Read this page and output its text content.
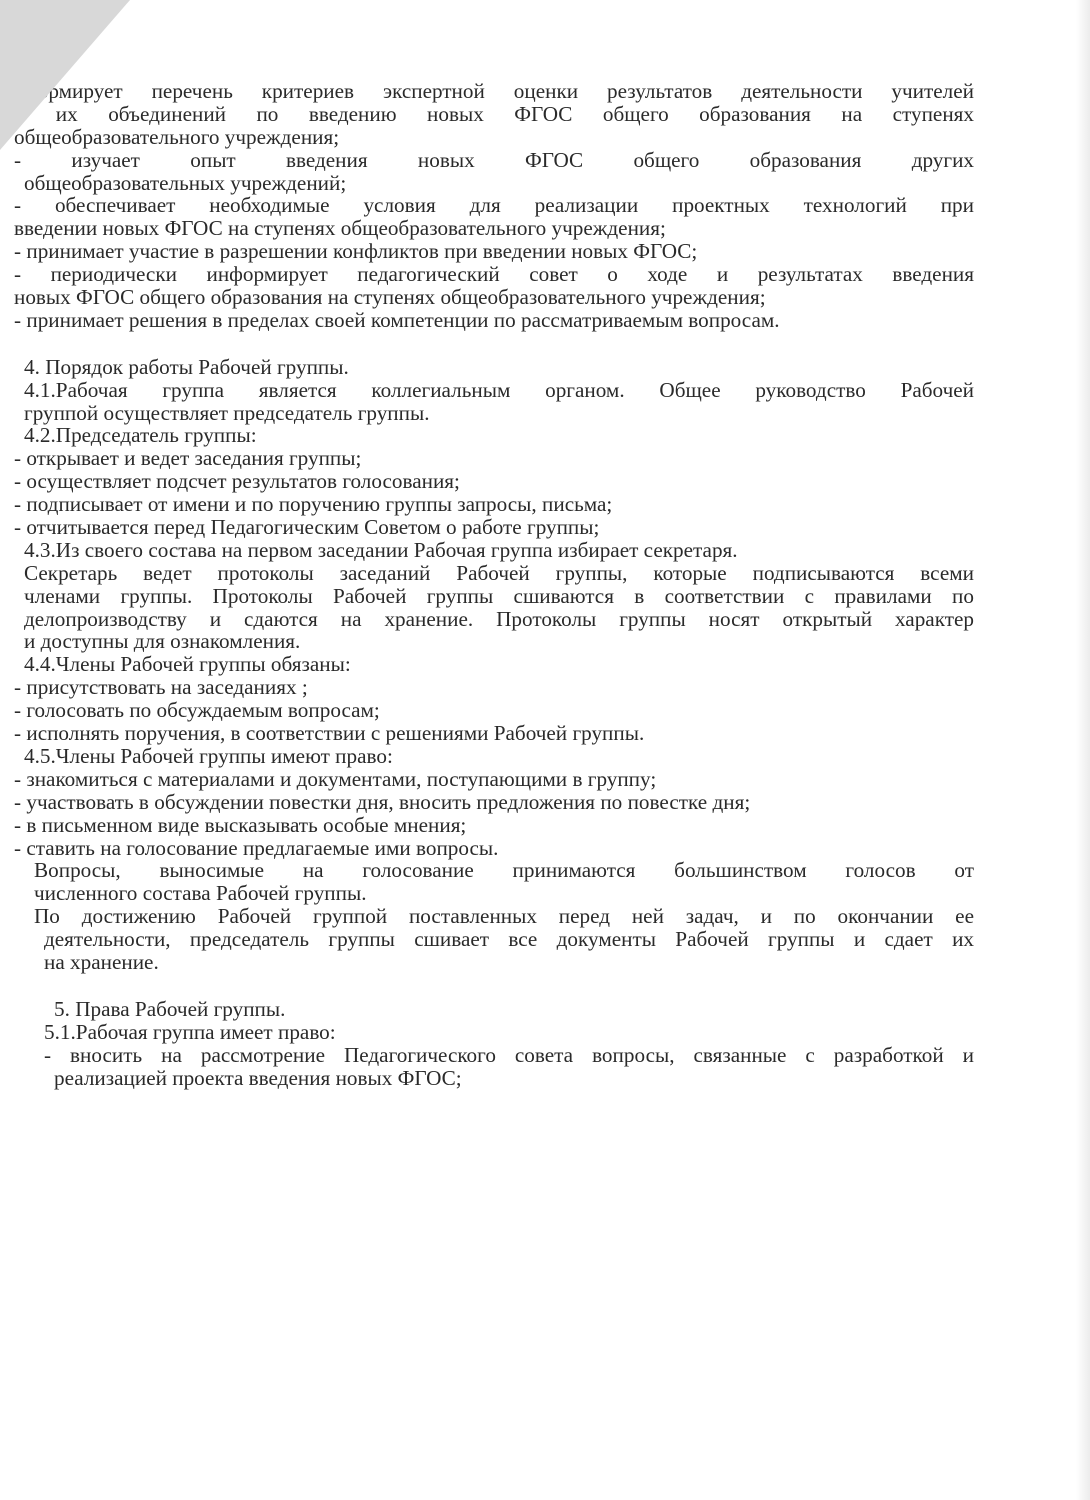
формирует перечень критериев экспертной оценки результатов деятельности учителей
и их объединений по введению новых ФГОС общего образования на ступенях
общеобразовательного учреждения;
- изучает опыт введения новых ФГОС общего образования других
общеобразовательных учреждений;
- обеспечивает необходимые условия для реализации проектных технологий при
введении новых ФГОС на ступенях общеобразовательного учреждения;
- принимает участие в разрешении конфликтов при введении новых ФГОС;
- периодически информирует педагогический совет о ходе и результатах введения
новых ФГОС общего образования на ступенях общеобразовательного учреждения;
- принимает решения в пределах своей компетенции по рассматриваемым вопросам.
4. Порядок работы Рабочей группы.
4.1.Рабочая группа является коллегиальным органом. Общее руководство Рабочей
группой осуществляет председатель группы.
4.2.Председатель группы:
- открывает и ведет заседания группы;
- осуществляет подсчет результатов голосования;
- подписывает от имени и по поручению группы запросы, письма;
- отчитывается перед Педагогическим Советом о работе группы;
4.3.Из своего состава на первом заседании Рабочая группа избирает секретаря.
Секретарь ведет протоколы заседаний Рабочей группы, которые подписываются всеми
членами группы. Протоколы Рабочей группы сшиваются в соответствии с правилами по
делопроизводству и сдаются на хранение. Протоколы группы носят открытый характер
и доступны для ознакомления.
4.4.Члены Рабочей группы обязаны:
- присутствовать на заседаниях ;
- голосовать по обсуждаемым вопросам;
- исполнять поручения, в соответствии с решениями Рабочей группы.
4.5.Члены Рабочей группы имеют право:
- знакомиться с материалами и документами, поступающими в группу;
- участвовать в обсуждении повестки дня, вносить предложения по повестке дня;
- в письменном виде высказывать особые мнения;
- ставить на голосование предлагаемые ими вопросы.
Вопросы, выносимые на голосование принимаются большинством голосов от
численного состава Рабочей группы.
По достижению Рабочей группой поставленных перед ней задач, и по окончании ее
деятельности, председатель группы сшивает все документы Рабочей группы и сдает их
на хранение.
5. Права Рабочей группы.
5.1.Рабочая группа имеет право:
- вносить на рассмотрение Педагогического совета вопросы, связанные с разработкой и
реализацией проекта введения новых ФГОС;
